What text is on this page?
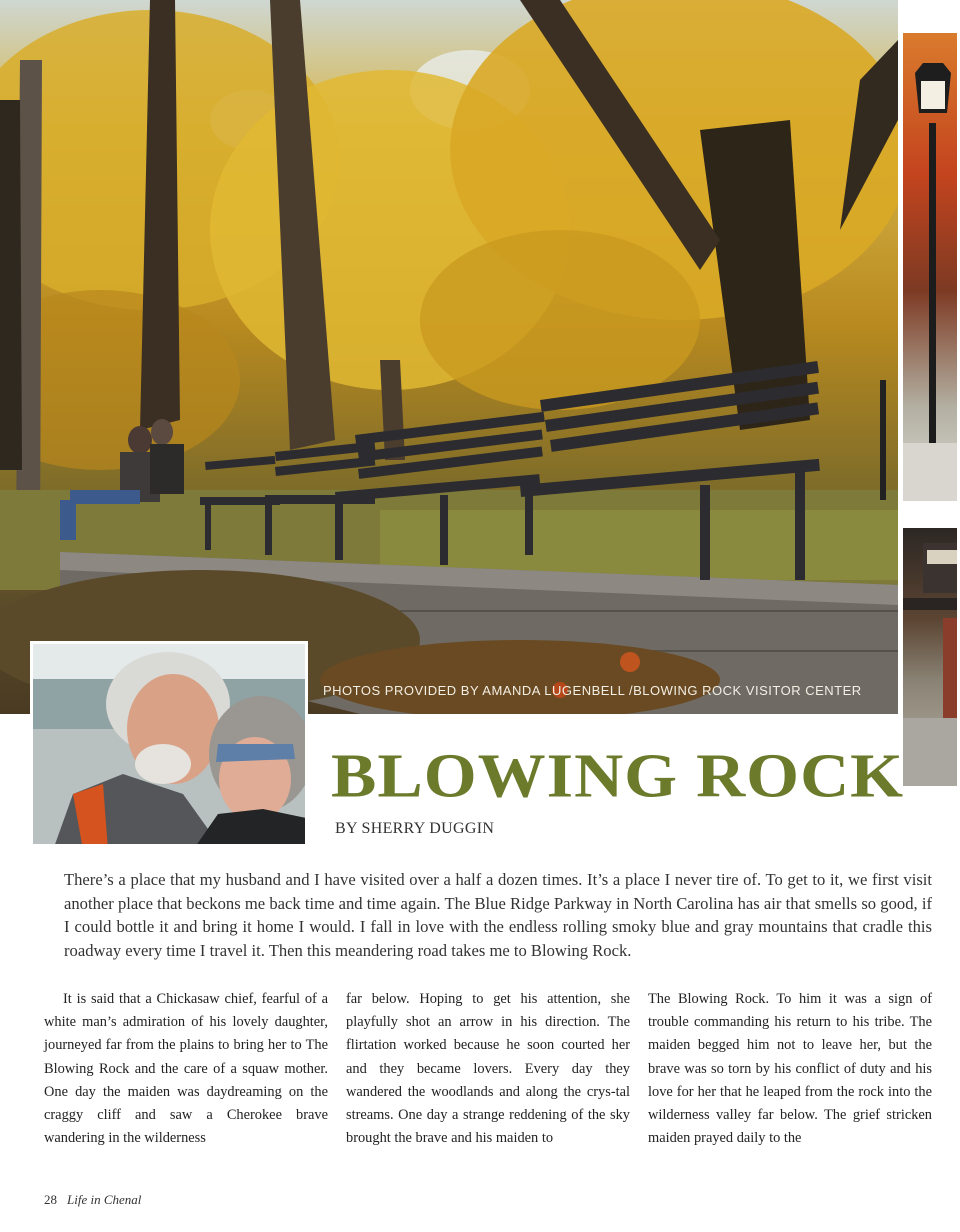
PHOTOS PROVIDED BY AMANDA LUGENBELL /BLOWING ROCK VISITOR CENTER
BLOWING ROCK
BY SHERRY DUGGIN

There’s a place that my husband and I have visited over a half a dozen times. It’s a place I never tire of. To get to it, we first visit another place that beckons me back time and time again. The Blue Ridge Parkway in North Carolina has air that smells so good, if I could bottle it and bring it home I would. I fall in love with the endless rolling smoky blue and gray mountains that cradle this roadway every time I travel it. Then this meandering road takes me to Blowing Rock.

It is said that a Chickasaw chief, fearful of a white man’s admiration of his lovely daughter, journeyed far from the plains to bring her to The Blowing Rock and the care of a squaw mother. One day the maiden was daydreaming on the craggy cliff and saw a Cherokee brave wandering in the wilderness

far below. Hoping to get his attention, she playfully shot an arrow in his direction. The flirtation worked because he soon courted her and they became lovers. Every day they wandered the woodlands and along the crys-tal streams. One day a strange reddening of the sky brought the brave and his maiden to

The Blowing Rock. To him it was a sign of trouble commanding his return to his tribe. The maiden begged him not to leave her, but the brave was so torn by his conflict of duty and his love for her that he leaped from the rock into the wilderness valley far below. The grief stricken maiden prayed daily to the

28 Life in Chenal
